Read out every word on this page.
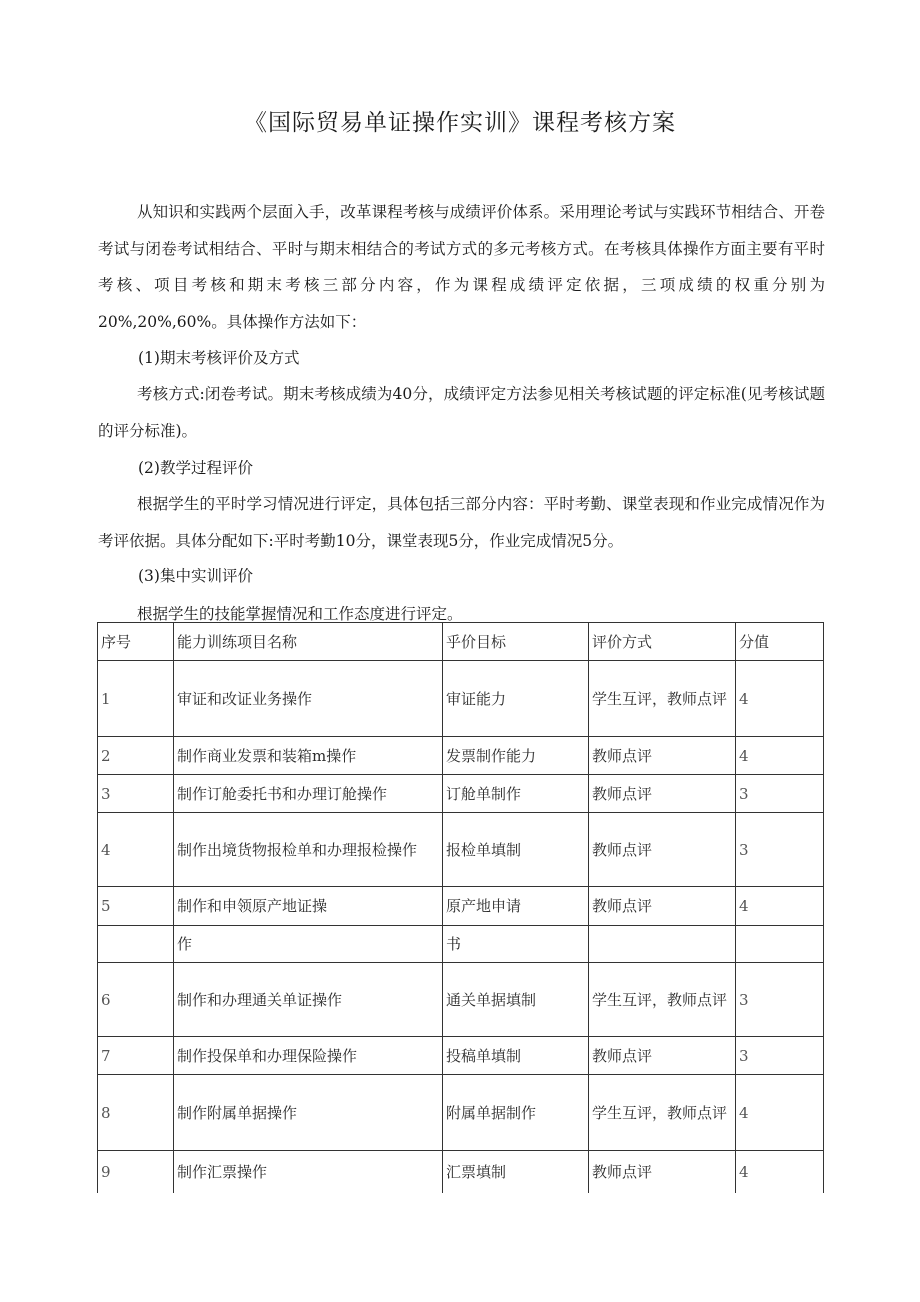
《国际贸易单证操作实训》课程考核方案

从知识和实践两个层面入手，改革课程考核与成绩评价体系。采用理论考试与实践环节相结合、开卷考试与闭卷考试相结合、平时与期末相结合的考试方式的多元考核方式。在考核具体操作方面主要有平时考核、项目考核和期末考核三部分内容，作为课程成绩评定依据，三项成绩的权重分别为20%,20%,60%。具体操作方法如下：

(1)期末考核评价及方式

考核方式:闭卷考试。期末考核成绩为40分，成绩评定方法参见相关考核试题的评定标准(见考核试题的评分标准)。

(2)教学过程评价

根据学生的平时学习情况进行评定，具体包括三部分内容：平时考勤、课堂表现和作业完成情况作为考评依据。具体分配如下:平时考勤10分，课堂表现5分，作业完成情况5分。

(3)集中实训评价

根据学生的技能掌握情况和工作态度进行评定。

序号	能力训练项目名称	乎价目标	评价方式	分值
1	审证和改证业务操作	审证能力	学生互评，教师点评	4
2	制作商业发票和装箱m操作	发票制作能力	教师点评	4
3	制作订舱委托书和办理订舱操作	订舱单制作	教师点评	3
4	制作出境货物报检单和办理报检操作	报检单填制	教师点评	3
5	制作和申领原产地证操	原产地申请	教师点评	4
	作	书		
6	制作和办理通关单证操作	通关单据填制	学生互评，教师点评	3
7	制作投保单和办理保险操作	投稿单填制	教师点评	3
8	制作附属单据操作	附属单据制作	学生互评，教师点评	4
9	制作汇票操作	汇票填制	教师点评	4
